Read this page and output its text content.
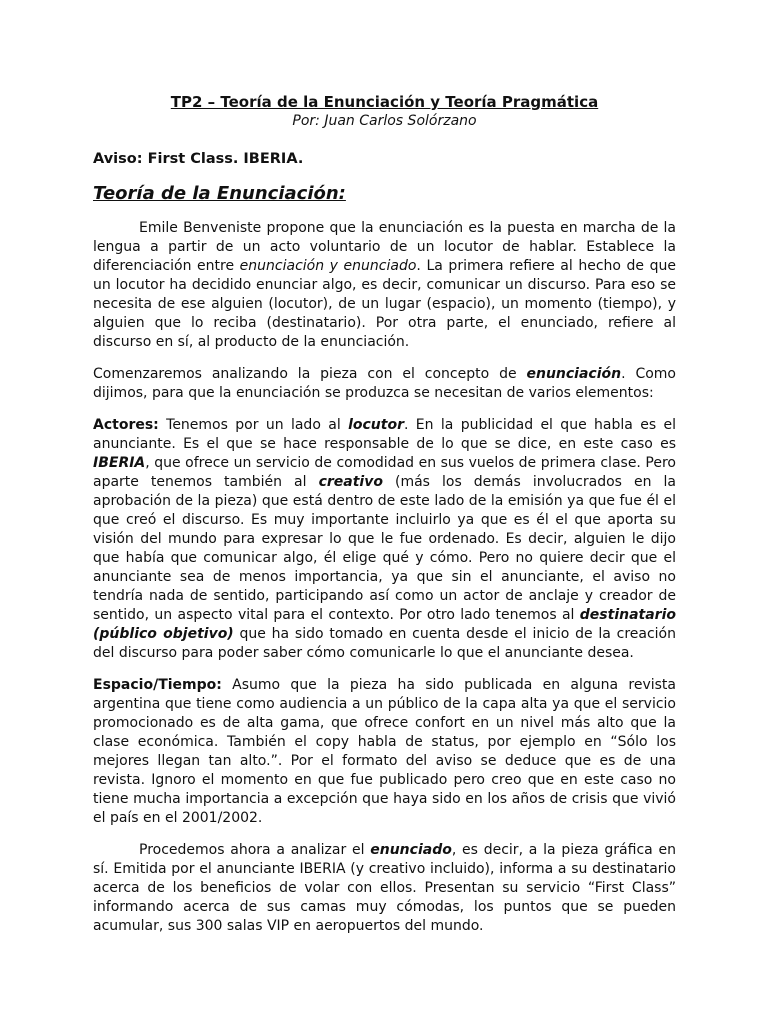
TP2 – Teoría de la Enunciación y Teoría Pragmática
Por: Juan Carlos Solórzano
Aviso: First Class. IBERIA.
Teoría de la Enunciación:

Emile Benveniste propone que la enunciación es la puesta en marcha de la lengua a partir de un acto voluntario de un locutor de hablar. Establece la diferenciación entre enunciación y enunciado. La primera refiere al hecho de que un locutor ha decidido enunciar algo, es decir, comunicar un discurso. Para eso se necesita de ese alguien (locutor), de un lugar (espacio), un momento (tiempo), y alguien que lo reciba (destinatario). Por otra parte, el enunciado, refiere al discurso en sí, al producto de la enunciación.

Comenzaremos analizando la pieza con el concepto de enunciación. Como dijimos, para que la enunciación se produzca se necesitan de varios elementos:

Actores: Tenemos por un lado al locutor. En la publicidad el que habla es el anunciante. Es el que se hace responsable de lo que se dice, en este caso es IBERIA, que ofrece un servicio de comodidad en sus vuelos de primera clase. Pero aparte tenemos también al creativo (más los demás involucrados en la aprobación de la pieza) que está dentro de este lado de la emisión ya que fue él el que creó el discurso. Es muy importante incluirlo ya que es él el que aporta su visión del mundo para expresar lo que le fue ordenado. Es decir, alguien le dijo que había que comunicar algo, él elige qué y cómo. Pero no quiere decir que el anunciante sea de menos importancia, ya que sin el anunciante, el aviso no tendría nada de sentido, participando así como un actor de anclaje y creador de sentido, un aspecto vital para el contexto. Por otro lado tenemos al destinatario (público objetivo) que ha sido tomado en cuenta desde el inicio de la creación del discurso para poder saber cómo comunicarle lo que el anunciante desea.

Espacio/Tiempo: Asumo que la pieza ha sido publicada en alguna revista argentina que tiene como audiencia a un público de la capa alta ya que el servicio promocionado es de alta gama, que ofrece confort en un nivel más alto que la clase económica. También el copy habla de status, por ejemplo en “Sólo los mejores llegan tan alto.”. Por el formato del aviso se deduce que es de una revista. Ignoro el momento en que fue publicado pero creo que en este caso no tiene mucha importancia a excepción que haya sido en los años de crisis que vivió el país en el 2001/2002.

Procedemos ahora a analizar el enunciado, es decir, a la pieza gráfica en sí. Emitida por el anunciante IBERIA (y creativo incluido), informa a su destinatario acerca de los beneficios de volar con ellos. Presentan su servicio “First Class” informando acerca de sus camas muy cómodas, los puntos que se pueden acumular, sus 300 salas VIP en aeropuertos del mundo.
